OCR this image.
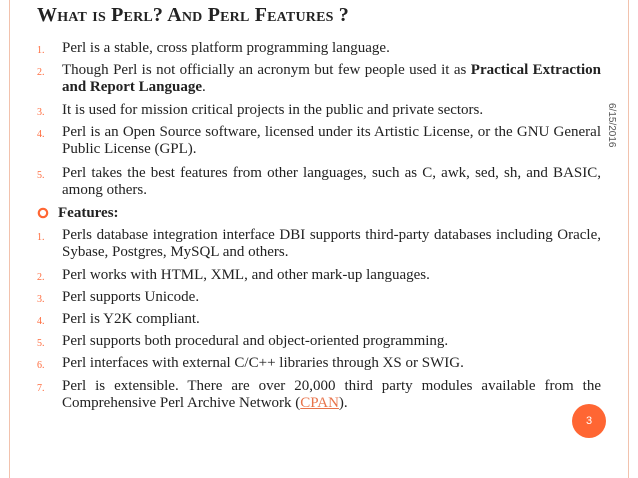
What is Perl? And Perl Features ?
6/15/2016
1. Perl is a stable, cross platform programming language.
2. Though Perl is not officially an acronym but few people used it as Practical Extraction and Report Language.
3. It is used for mission critical projects in the public and private sectors.
4. Perl is an Open Source software, licensed under its Artistic License, or the GNU General Public License (GPL).
5. Perl takes the best features from other languages, such as C, awk, sed, sh, and BASIC, among others.
Features:
1. Perls database integration interface DBI supports third-party databases including Oracle, Sybase, Postgres, MySQL and others.
2. Perl works with HTML, XML, and other mark-up languages.
3. Perl supports Unicode.
4. Perl is Y2K compliant.
5. Perl supports both procedural and object-oriented programming.
6. Perl interfaces with external C/C++ libraries through XS or SWIG.
7. Perl is extensible. There are over 20,000 third party modules available from the Comprehensive Perl Archive Network (CPAN).
3
